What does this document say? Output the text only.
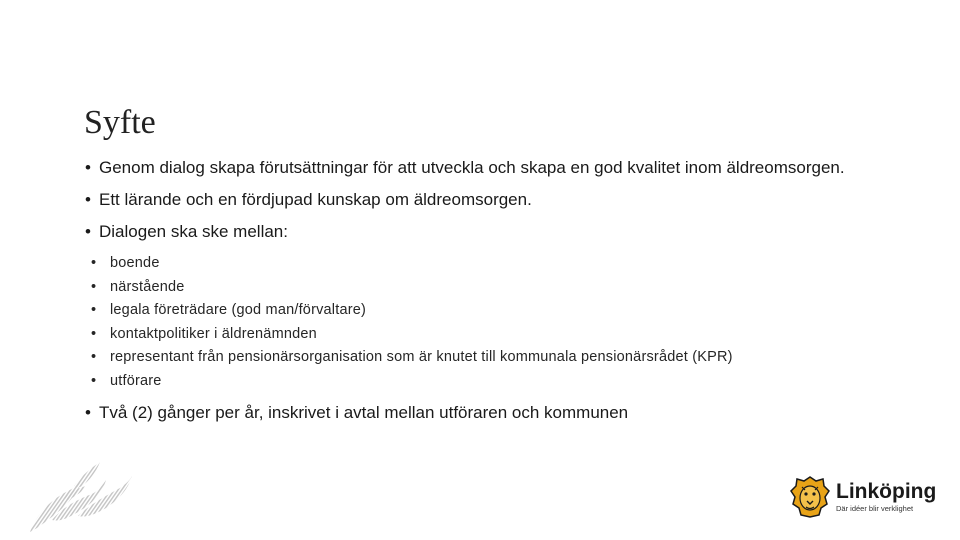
Syfte
• Genom dialog skapa förutsättningar för att utveckla och skapa en god kvalitet inom äldreomsorgen.
• Ett lärande och en fördjupad kunskap om äldreomsorgen.
• Dialogen ska ske mellan:
• boende
• närstående
• legala företrädare (god man/förvaltare)
• kontaktpolitiker i äldrenämnden
• representant från pensionärsorganisation som är knutet till kommunala pensionärsrådet (KPR)
• utförare
• Två (2) gånger per år, inskrivet i avtal mellan utföraren och kommunen
Linköping
Där idéer blir verklighet
